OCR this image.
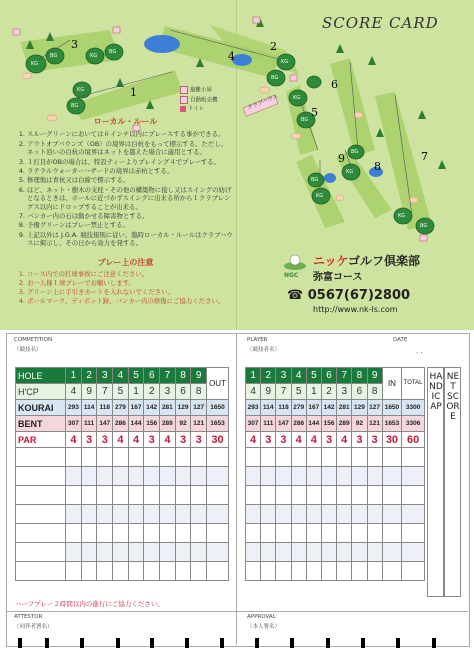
SCORE CARD
3
1
4
2
5
6
7
8
9
KG
BG	KG
BG
KG
BG
KG
BG
KG
BG
BG
KG
BG
KG
KG
BG
クラブハウス
避難小屋
自動販売機
トイレ
ローカル・ルール
1. スルーグリーンにおいては６インチ以内にプレースする事ができる。
2. アウトオブバウンズ（OB）の境界は白杭をもって標示する。ただし、ネット沿いの白杭の境界はネットを越えた場合に適用とする。
3. １打目がOBの場合は、特設ティーよりプレイング４でプレーする。
4. ラテラルウォーターハザードの境界は赤杭とする。
5. 修理地は青杭又は白線で標示する。
6. ほど、ネット・樹木の支柱・その他の構築物に接し又はスイングの妨げとなるときは、ホールに近づかずスイングに出来る所から１クラブレングス以内にドロップすることが出来る。
7. バンカー内の石は動かせる障害物とする。
8. 予備グリーンはプレー禁止とする。
9. 上記以外は J.G.A. 競技規則に従い、臨時ローカル・ルールはクラブハウスに掲示し、その日から効力を発する。
プレー上の注意
1. コース内での打球事故にご注意ください。
2. お一人様１球プレーでお願いします。
3. グリーン上に手引きカートを入れないでください。
4. ボールマーク、ディボット跡、バンカー内の修復にご協力ください。
NGC
ニッケゴルフ倶楽部
弥富コース
☎ 0567(67)2800
http://www.nk-ls.com
COMPETITION
（競技名）
PLAYER
（競技者名）
DATE
. .
HOLE	1	2	3	4	5	6	7	8	9	OUT
H'CP	4	9	7	5	1	2	3	6	8	
KOURAI	293	114	118	279	167	142	281	129	127	1650
BENT	307	111	147	286	144	156	289	92	121	1653
PAR	4	3	3	4	4	3	4	3	3	30

1	2	3	4	5	6	7	8	9	IN	TOTAL
4	9	7	5	1	2	3	6	8		
293	114	118	279	167	142	281	129	127	1650	3300
307	111	147	286	144	156	289	92	121	1653	3306
4	3	3	4	4	3	4	3	3	30	60

HANDICAP
NET SCORE
ハーフプレー２時間以内の進行にご協力ください。
ATTESTOR
（同伴者署名）
APPROVAL
（本人署名）
